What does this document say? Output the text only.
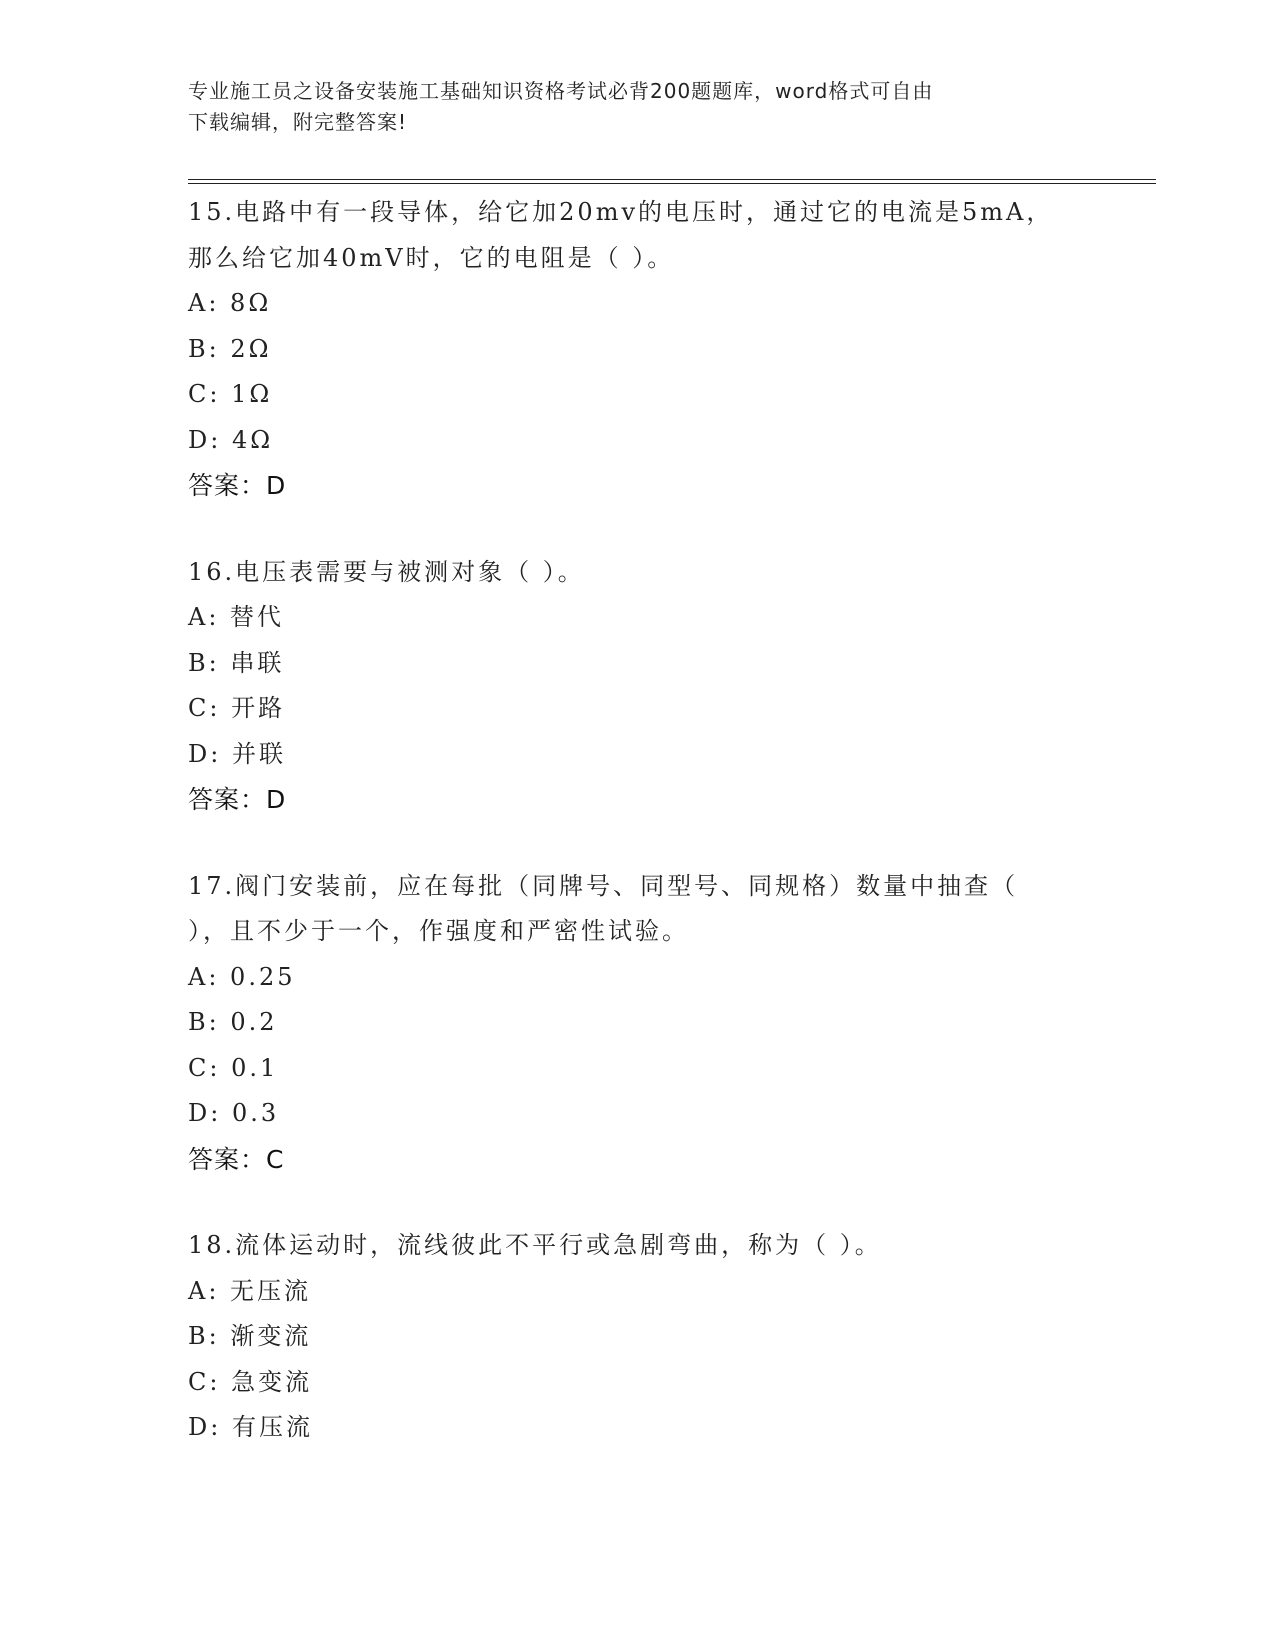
专业施工员之设备安装施工基础知识资格考试必背200题题库，word格式可自由
下载编辑，附完整答案!
15.电路中有一段导体，给它加20mv的电压时，通过它的电流是5mA，
那么给它加40mV时，它的电阻是（ ）。
A: 8Ω
B: 2Ω
C: 1Ω
D: 4Ω
答案：D
16.电压表需要与被测对象（ ）。
A: 替代
B: 串联
C: 开路
D: 并联
答案：D
17.阀门安装前，应在每批（同牌号、同型号、同规格）数量中抽查（
），且不少于一个，作强度和严密性试验。
A: 0.25
B: 0.2
C: 0.1
D: 0.3
答案：C
18.流体运动时，流线彼此不平行或急剧弯曲，称为（ ）。
A: 无压流
B: 渐变流
C: 急变流
D: 有压流
